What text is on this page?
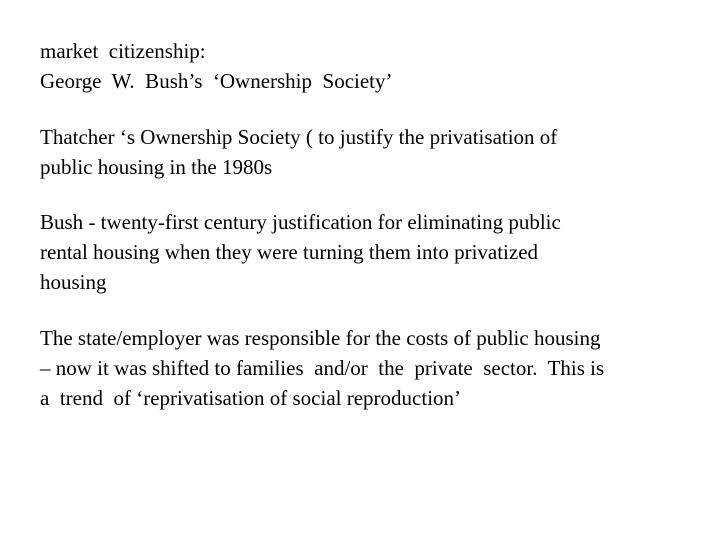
market  citizenship:
George  W.  Bush’s  ‘Ownership  Society’

Thatcher ‘s Ownership Society ( to justify the privatisation of
public housing in the 1980s

Bush - twenty-first century justification for eliminating public
rental housing when they were turning them into privatized
housing

The state/employer was responsible for the costs of public housing
– now it was shifted to families  and/or  the  private  sector.  This is
a  trend  of ‘reprivatisation of social reproduction’
